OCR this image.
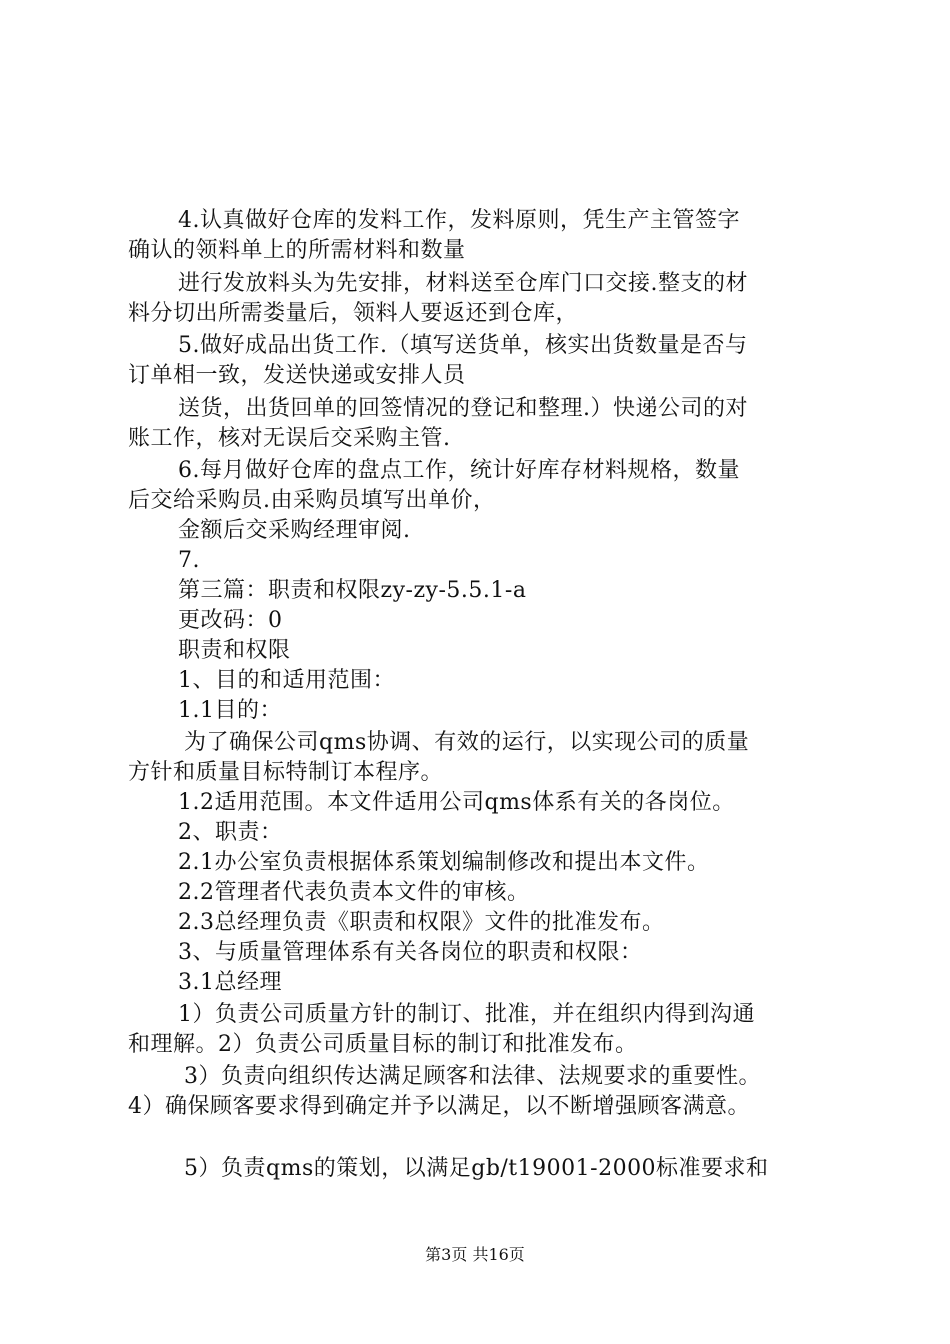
4.认真做好仓库的发料工作，发料原则，凭生产主管签字
确认的领料单上的所需材料和数量
进行发放料头为先安排，材料送至仓库门口交接.整支的材
料分切出所需娄量后，领料人要返还到仓库，
5.做好成品出货工作.（填写送货单，核实出货数量是否与
订单相一致，发送快递或安排人员
送货，出货回单的回签情况的登记和整理.）快递公司的对
账工作，核对无误后交采购主管.
6.每月做好仓库的盘点工作，统计好库存材料规格，数量
后交给采购员.由采购员填写出单价，
金额后交采购经理审阅.
7.
第三篇：职责和权限zy-zy-5.5.1-a
更改码：0
职责和权限
1、目的和适用范围：
1.1目的：
为了确保公司qms协调、有效的运行，以实现公司的质量
方针和质量目标特制订本程序。
1.2适用范围。本文件适用公司qms体系有关的各岗位。
2、职责：
2.1办公室负责根据体系策划编制修改和提出本文件。
2.2管理者代表负责本文件的审核。
2.3总经理负责《职责和权限》文件的批准发布。
3、与质量管理体系有关各岗位的职责和权限：
3.1总经理
1）负责公司质量方针的制订、批准，并在组织内得到沟通
和理解。2）负责公司质量目标的制订和批准发布。
3）负责向组织传达满足顾客和法律、法规要求的重要性。
4）确保顾客要求得到确定并予以满足，以不断增强顾客满意。
5）负责qms的策划，以满足gb/t19001-2000标准要求和
第3页 共16页
